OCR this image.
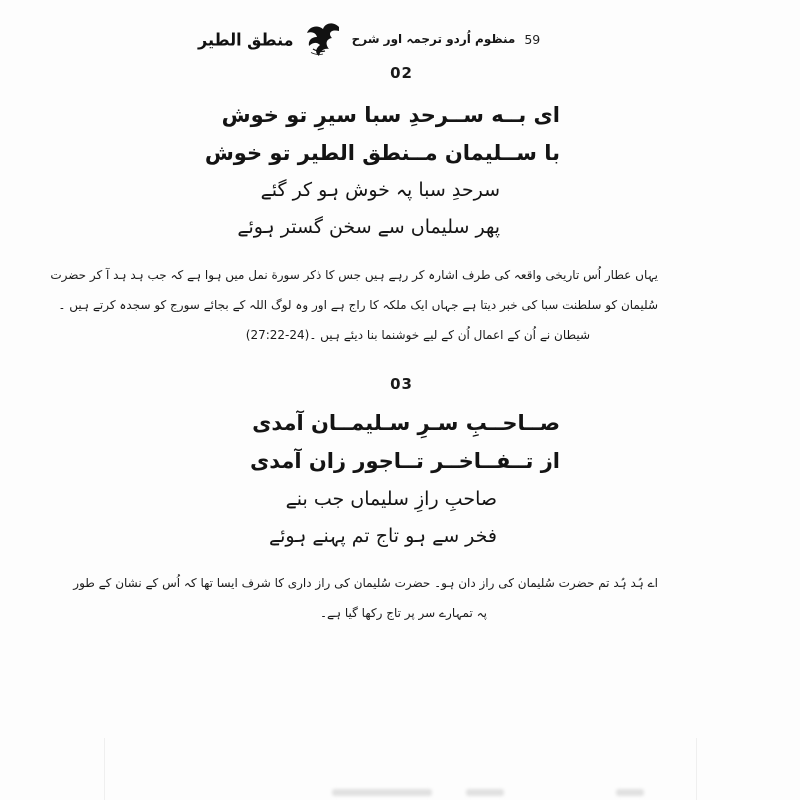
منطق الطیر	منظوم اُردو ترجمہ اور شرح 59
02
ای بــه ســرحدِ سبا سیرِ تو خوش
با ســلیمان مــنطق الطیر تو خوش
سرحدِ سبا پہ خوش ہو کر گئے
پھر سلیماں سے سخن گستر ہوئے
یہاں عطار اُس تاریخی واقعہ کی طرف اشارہ کر رہے ہیں جس کا ذکر سورة نمل میں ہوا ہے کہ جب ہد ہد آ کر حضرت
سُلیمان کو سلطنت سبا کی خبر دیتا ہے جہاں ایک ملکہ کا راج ہے اور وہ لوگ اللہ کے بجائے سورج کو سجدہ کرتے ہیں ۔
شیطان نے اُن کے اعمال اُن کے لیے خوشنما بنا دیئے ہیں ۔(27:22-24)
03
صــاحــبِ سـرِ سـلیمــان آمدی
از تــفــاخــر تــاجور زان آمدی
صاحبِ رازِ سلیماں جب بنے
فخر سے ہو تاج تم پہنے ہوئے
اے ہُد ہُد تم حضرت سُلیمان کی راز دان ہو۔ حضرت سُلیمان کی راز داری کا شرف ایسا تھا کہ اُس کے نشان کے طور
پہ تمہارے سر پر تاج رکھا گیا ہے۔
